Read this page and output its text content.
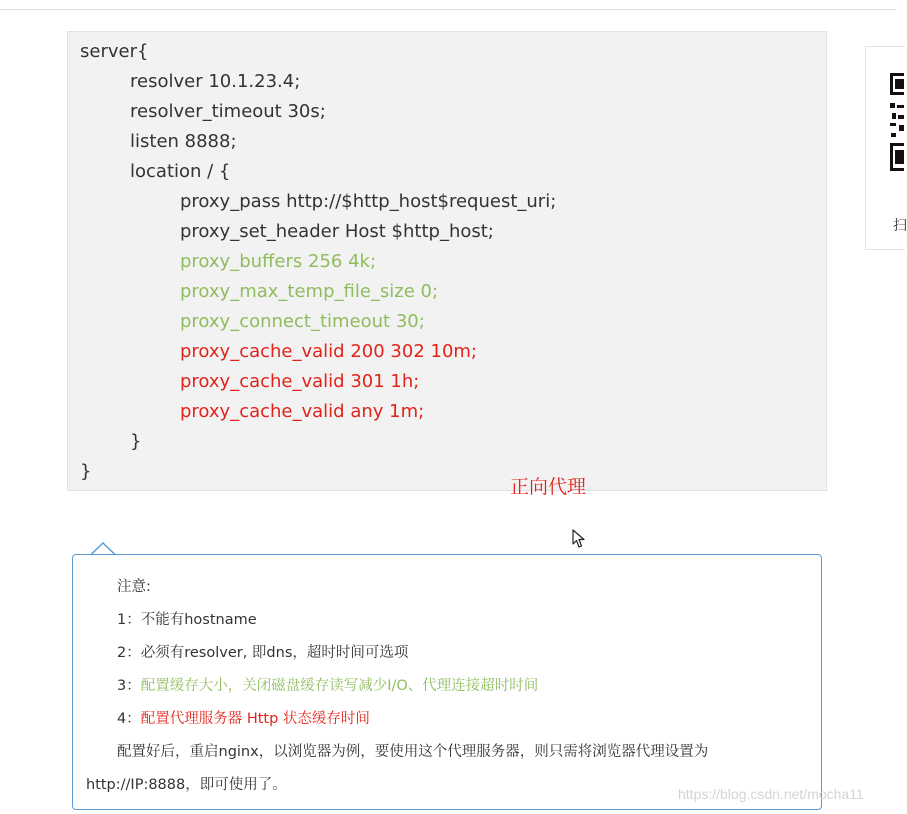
server{
resolver 10.1.23.4;
resolver_timeout 30s;
listen 8888;
location / {
proxy_pass http://$http_host$request_uri;
proxy_set_header Host $http_host;
proxy_buffers 256 4k;
proxy_max_temp_file_size 0;
proxy_connect_timeout 30;
proxy_cache_valid 200 302 10m;
proxy_cache_valid 301 1h;
proxy_cache_valid any 1m;
}
}
正向代理
扫
注意:
1：不能有hostname
2：必须有resolver, 即dns，超时时间可选项
3：配置缓存大小，关闭磁盘缓存读写减少I/O、代理连接超时时间
4：配置代理服务器 Http 状态缓存时间
配置好后，重启nginx，以浏览器为例，要使用这个代理服务器，则只需将浏览器代理设置为
http://IP:8888，即可使用了。
https://blog.csdn.net/mocha11
